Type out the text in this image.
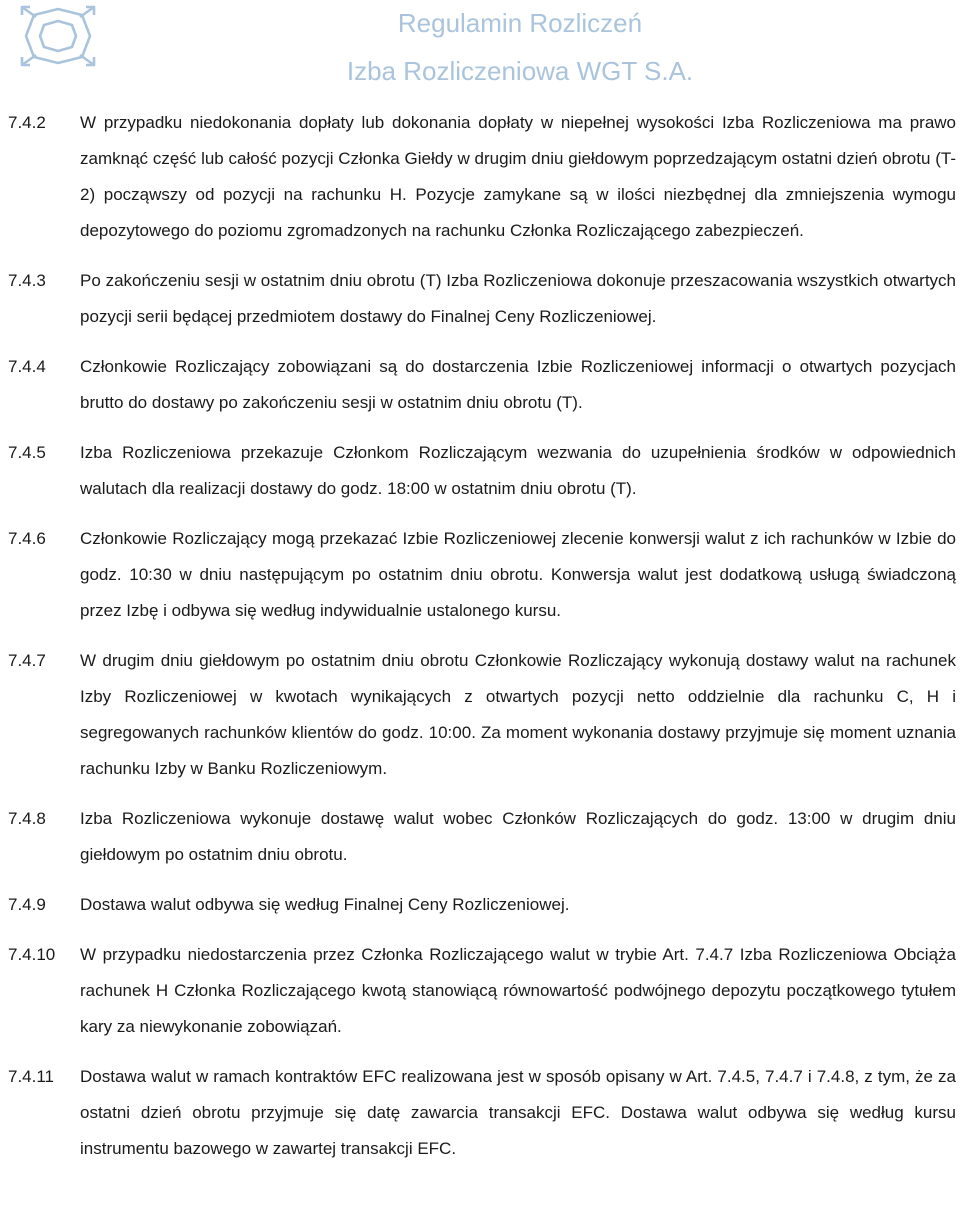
Regulamin Rozliczeń
Izba Rozliczeniowa WGT S.A.
7.4.2	W przypadku niedokonania dopłaty lub dokonania dopłaty w niepełnej wysokości Izba Rozliczeniowa ma prawo zamknąć część lub całość pozycji Członka Giełdy w drugim dniu giełdowym poprzedzającym ostatni dzień obrotu (T-2) począwszy od pozycji na rachunku H. Pozycje zamykane są w ilości niezbędnej dla zmniejszenia wymogu depozytowego do poziomu zgromadzonych na rachunku Członka Rozliczającego zabezpieczeń.
7.4.3	Po zakończeniu sesji w ostatnim dniu obrotu (T) Izba Rozliczeniowa dokonuje przeszacowania wszystkich otwartych pozycji serii będącej przedmiotem dostawy do Finalnej Ceny Rozliczeniowej.
7.4.4	Członkowie Rozliczający zobowiązani są do dostarczenia Izbie Rozliczeniowej informacji o otwartych pozycjach brutto do dostawy po zakończeniu sesji w ostatnim dniu obrotu (T).
7.4.5	Izba Rozliczeniowa przekazuje Członkom Rozliczającym wezwania do uzupełnienia środków w odpowiednich walutach dla realizacji dostawy do godz. 18:00 w ostatnim dniu obrotu (T).
7.4.6	Członkowie Rozliczający mogą przekazać Izbie Rozliczeniowej zlecenie konwersji walut z ich rachunków w Izbie do godz. 10:30 w dniu następującym po ostatnim dniu obrotu. Konwersja walut jest dodatkową usługą świadczoną przez Izbę i odbywa się według indywidualnie ustalonego kursu.
7.4.7	W drugim dniu giełdowym po ostatnim dniu obrotu Członkowie Rozliczający wykonują dostawy walut na rachunek Izby Rozliczeniowej w kwotach wynikających z otwartych pozycji netto oddzielnie dla rachunku C, H i segregowanych rachunków klientów do godz. 10:00. Za moment wykonania dostawy przyjmuje się moment uznania rachunku Izby w Banku Rozliczeniowym.
7.4.8	Izba Rozliczeniowa wykonuje dostawę walut wobec Członków Rozliczających do godz. 13:00 w drugim dniu giełdowym po ostatnim dniu obrotu.
7.4.9	Dostawa walut odbywa się według Finalnej Ceny Rozliczeniowej.
7.4.10	W przypadku niedostarczenia przez Członka Rozliczającego walut w trybie Art. 7.4.7 Izba Rozliczeniowa Obciąża rachunek H Członka Rozliczającego kwotą stanowiącą równowartość podwójnego depozytu początkowego tytułem kary za niewykonanie zobowiązań.
7.4.11	Dostawa walut w ramach kontraktów EFC realizowana jest w sposób opisany w Art. 7.4.5, 7.4.7 i 7.4.8, z tym, że za ostatni dzień obrotu przyjmuje się datę zawarcia transakcji EFC. Dostawa walut odbywa się według kursu instrumentu bazowego w zawartej transakcji EFC.
